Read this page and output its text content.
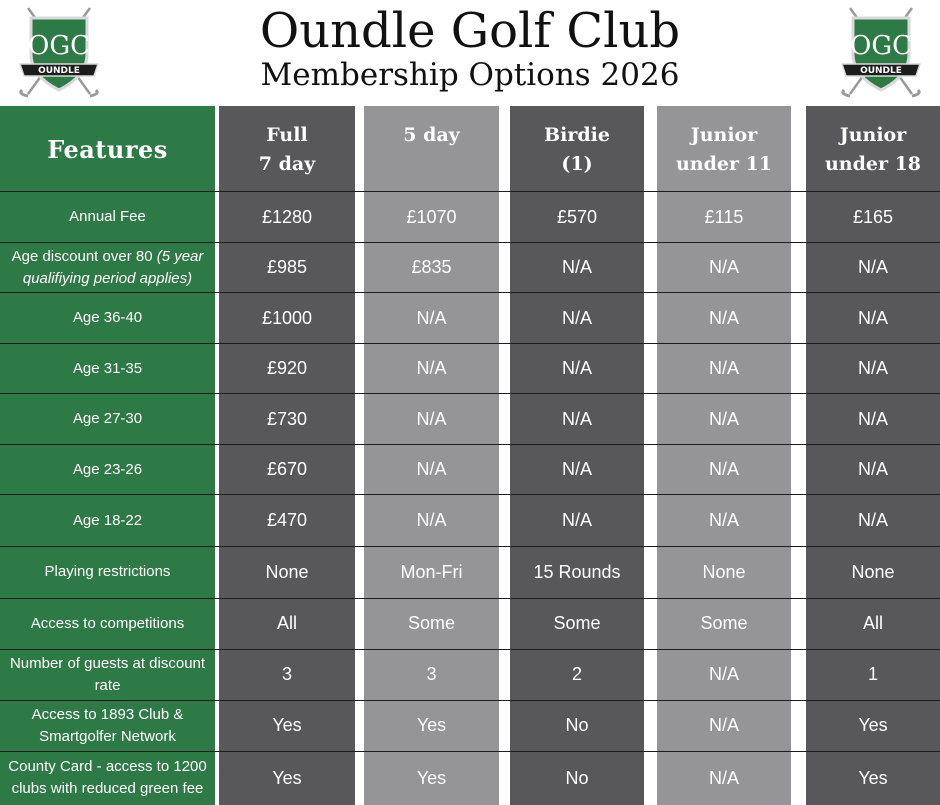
OGC
OUNDLE
Oundle Golf Club
Membership Options 2026
OGC
OUNDLE
Features
Annual Fee
Age discount over 80 (5 year qualifiying period applies)
Age 36-40
Age 31-35
Age 27-30
Age 23-26
Age 18-22
Playing restrictions
Access to competitions
Number of guests at discount rate
Access to 1893 Club & Smartgolfer Network
County Card - access to 1200 clubs with reduced green fee
Full
7 day
£1280
£985
£1000
£920
£730
£670
£470
None
All
3
Yes
Yes
5 day
£1070
£835
N/A
N/A
N/A
N/A
N/A
Mon-Fri
Some
3
Yes
Yes
Birdie
(1)
£570
N/A
N/A
N/A
N/A
N/A
N/A
15 Rounds
Some
2
No
No
Junior
under 11
£115
N/A
N/A
N/A
N/A
N/A
N/A
None
Some
N/A
N/A
N/A
Junior
under 18
£165
N/A
N/A
N/A
N/A
N/A
N/A
None
All
1
Yes
Yes
